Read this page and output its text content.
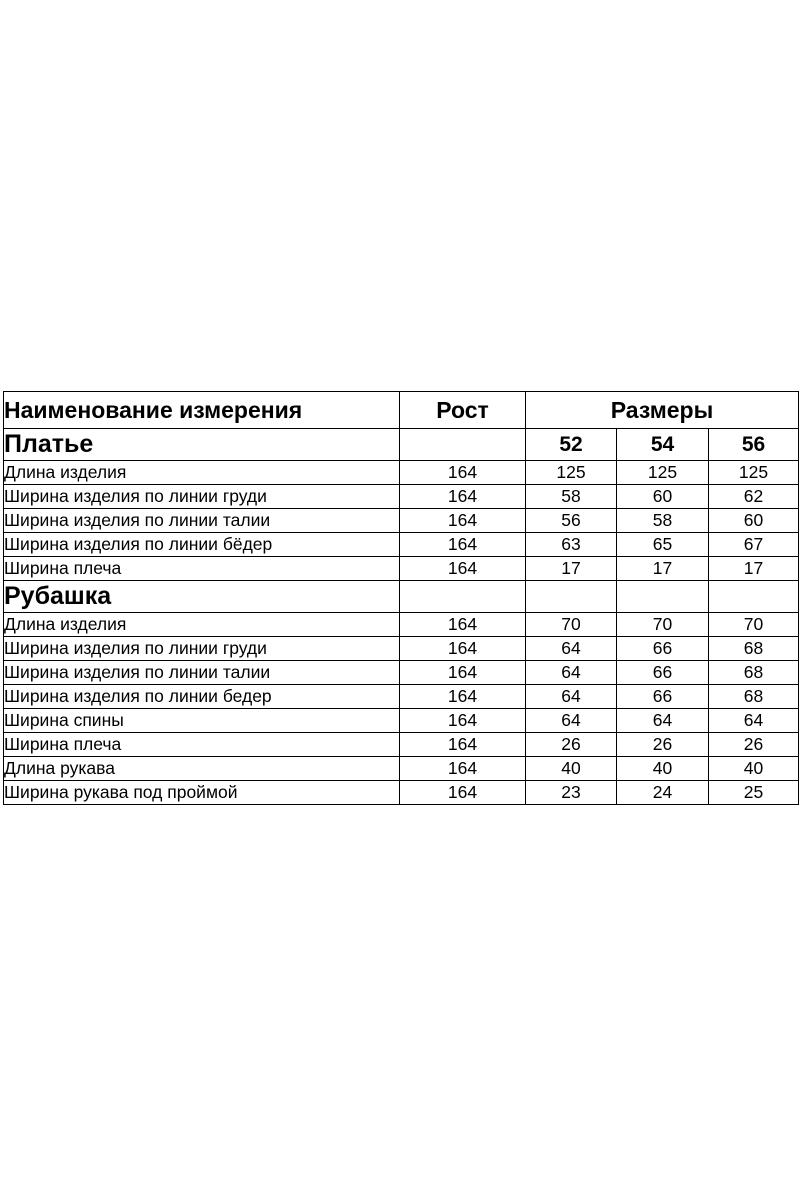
Наименование измерения	Рост	Размеры		
Платье		52	54	56
Длина изделия	164	125	125	125
Ширина изделия по линии груди	164	58	60	62
Ширина изделия по линии талии	164	56	58	60
Ширина изделия по линии бёдер	164	63	65	67
Ширина плеча	164	17	17	17
Рубашка				
Длина изделия	164	70	70	70
Ширина изделия по линии груди	164	64	66	68
Ширина изделия по линии талии	164	64	66	68
Ширина изделия по линии бедер	164	64	66	68
Ширина спины	164	64	64	64
Ширина плеча	164	26	26	26
Длина рукава	164	40	40	40
Ширина рукава под проймой	164	23	24	25
